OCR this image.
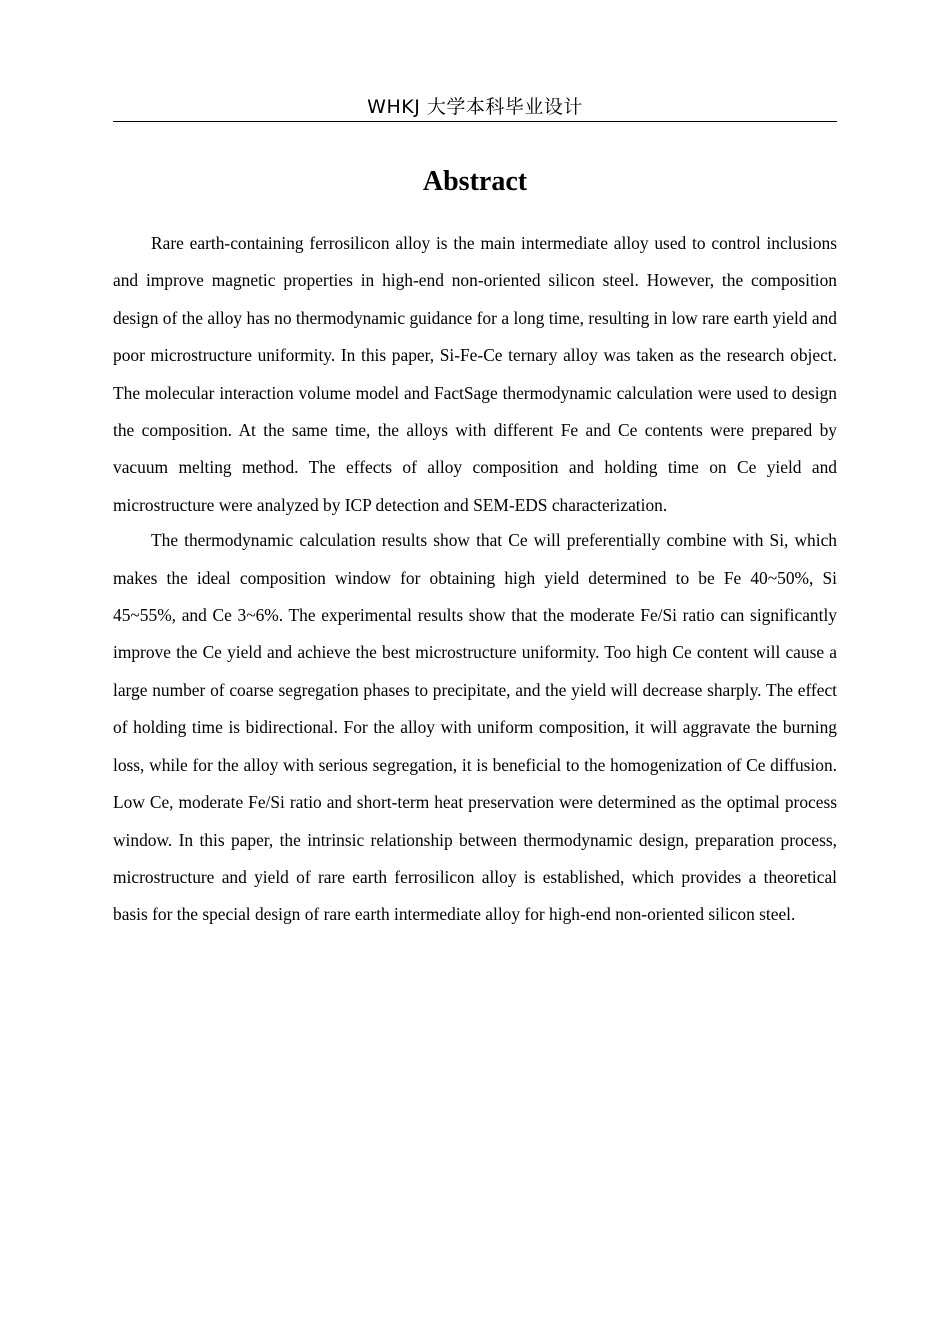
WHKJ 大学本科毕业设计
Abstract

Rare earth-containing ferrosilicon alloy is the main intermediate alloy used to control inclusions and improve magnetic properties in high-end non-oriented silicon steel. However, the composition design of the alloy has no thermodynamic guidance for a long time, resulting in low rare earth yield and poor microstructure uniformity. In this paper, Si-Fe-Ce ternary alloy was taken as the research object. The molecular interaction volume model and FactSage thermodynamic calculation were used to design the composition. At the same time, the alloys with different Fe and Ce contents were prepared by vacuum melting method. The effects of alloy composition and holding time on Ce yield and microstructure were analyzed by ICP detection and SEM-EDS characterization.

The thermodynamic calculation results show that Ce will preferentially combine with Si, which makes the ideal composition window for obtaining high yield determined to be Fe 40~50%, Si 45~55%, and Ce 3~6%. The experimental results show that the moderate Fe/Si ratio can significantly improve the Ce yield and achieve the best microstructure uniformity. Too high Ce content will cause a large number of coarse segregation phases to precipitate, and the yield will decrease sharply. The effect of holding time is bidirectional. For the alloy with uniform composition, it will aggravate the burning loss, while for the alloy with serious segregation, it is beneficial to the homogenization of Ce diffusion. Low Ce, moderate Fe/Si ratio and short-term heat preservation were determined as the optimal process window. In this paper, the intrinsic relationship between thermodynamic design, preparation process, microstructure and yield of rare earth ferrosilicon alloy is established, which provides a theoretical basis for the special design of rare earth intermediate alloy for high-end non-oriented silicon steel.
